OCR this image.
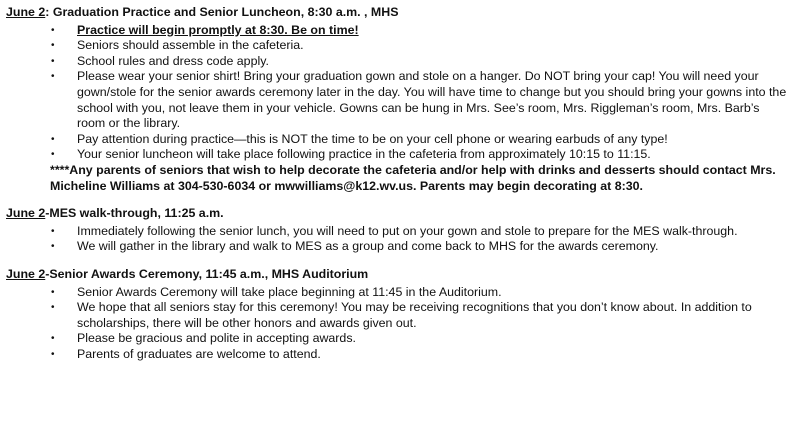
June 2: Graduation Practice and Senior Luncheon, 8:30 a.m. , MHS
• Practice will begin promptly at 8:30. Be on time!
• Seniors should assemble in the cafeteria.
• School rules and dress code apply.
• Please wear your senior shirt! Bring your graduation gown and stole on a hanger. Do NOT bring your cap! You will need your gown/stole for the senior awards ceremony later in the day. You will have time to change but you should bring your gowns into the school with you, not leave them in your vehicle. Gowns can be hung in Mrs. See’s room, Mrs. Riggleman’s room, Mrs. Barb’s room or the library.
• Pay attention during practice—this is NOT the time to be on your cell phone or wearing earbuds of any type!
• Your senior luncheon will take place following practice in the cafeteria from approximately 10:15 to 11:15.
****Any parents of seniors that wish to help decorate the cafeteria and/or help with drinks and desserts should contact Mrs. Micheline Williams at 304-530-6034 or mwwilliams@k12.wv.us. Parents may begin decorating at 8:30.
June 2-MES walk-through, 11:25 a.m.
• Immediately following the senior lunch, you will need to put on your gown and stole to prepare for the MES walk-through.
• We will gather in the library and walk to MES as a group and come back to MHS for the awards ceremony.
June 2-Senior Awards Ceremony, 11:45 a.m., MHS Auditorium
• Senior Awards Ceremony will take place beginning at 11:45 in the Auditorium.
• We hope that all seniors stay for this ceremony! You may be receiving recognitions that you don’t know about. In addition to scholarships, there will be other honors and awards given out.
• Please be gracious and polite in accepting awards.
• Parents of graduates are welcome to attend.
